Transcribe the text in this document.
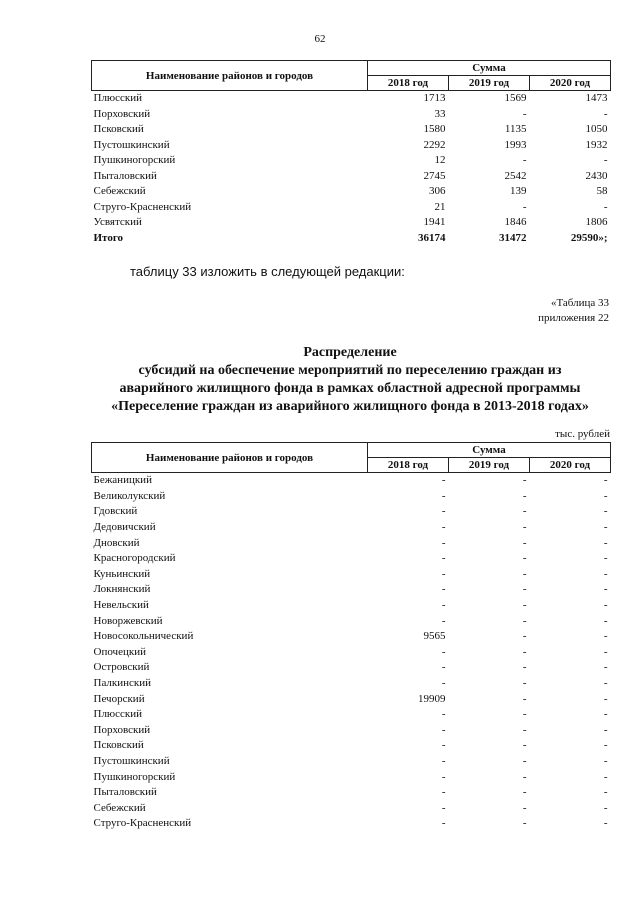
62
Наименование районов и городов	Сумма		
	2018 год	2019 год	2020 год
Плюсский	1713	1569	1473
Порховский	33	-	-
Псковский	1580	1135	1050
Пустошкинский	2292	1993	1932
Пушкиногорский	12	-	-
Пыталовский	2745	2542	2430
Себежский	306	139	58
Струго-Красненский	21	-	-
Усвятский	1941	1846	1806
Итого	36174	31472	29590»;
таблицу 33 изложить в следующей редакции:
«Таблица 33
приложения 22
Распределение
субсидий на обеспечение мероприятий по переселению граждан из
аварийного жилищного фонда в рамках областной адресной программы
«Переселение граждан из аварийного жилищного фонда в 2013-2018 годах»
тыс. рублей
Наименование районов и городов	Сумма		
	2018 год	2019 год	2020 год
Бежаницкий	-	-	-
Великолукский	-	-	-
Гдовский	-	-	-
Дедовичский	-	-	-
Дновский	-	-	-
Красногородский	-	-	-
Куньинский	-	-	-
Локнянский	-	-	-
Невельский	-	-	-
Новоржевский	-	-	-
Новосокольнический	9565	-	-
Опочецкий	-	-	-
Островский	-	-	-
Палкинский	-	-	-
Печорский	19909	-	-
Плюсский	-	-	-
Порховский	-	-	-
Псковский	-	-	-
Пустошкинский	-	-	-
Пушкиногорский	-	-	-
Пыталовский	-	-	-
Себежский	-	-	-
Струго-Красненский	-	-	-
